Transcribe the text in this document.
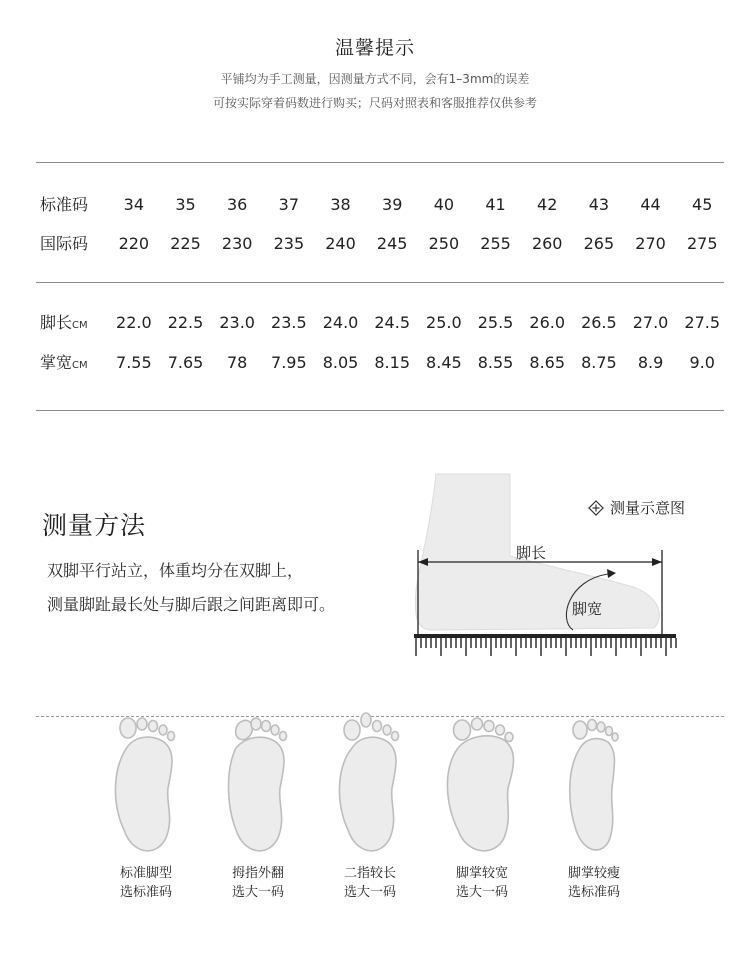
温馨提示
平铺均为手工测量，因测量方式不同，会有1–3mm的误差
可按实际穿着码数进行购买；尺码对照表和客服推荐仅供参考
标准码	34	35	36	37	38	39	40	41	42	43	44	45
国际码	220	225	230	235	240	245	250	255	260	265	270	275
脚长CM	22.0	22.5	23.0	23.5	24.0	24.5	25.0	25.5	26.0	26.5	27.0	27.5
掌宽CM	7.55	7.65	78	7.95	8.05	8.15	8.45	8.55	8.65	8.75	8.9	9.0
测量方法
双脚平行站立，体重均分在双脚上，
测量脚趾最长处与脚后跟之间距离即可。
测量示意图
脚长
脚宽
标准脚型
选标准码
拇指外翻
选大一码
二指较长
选大一码
脚掌较宽
选大一码
脚掌较瘦
选标准码
